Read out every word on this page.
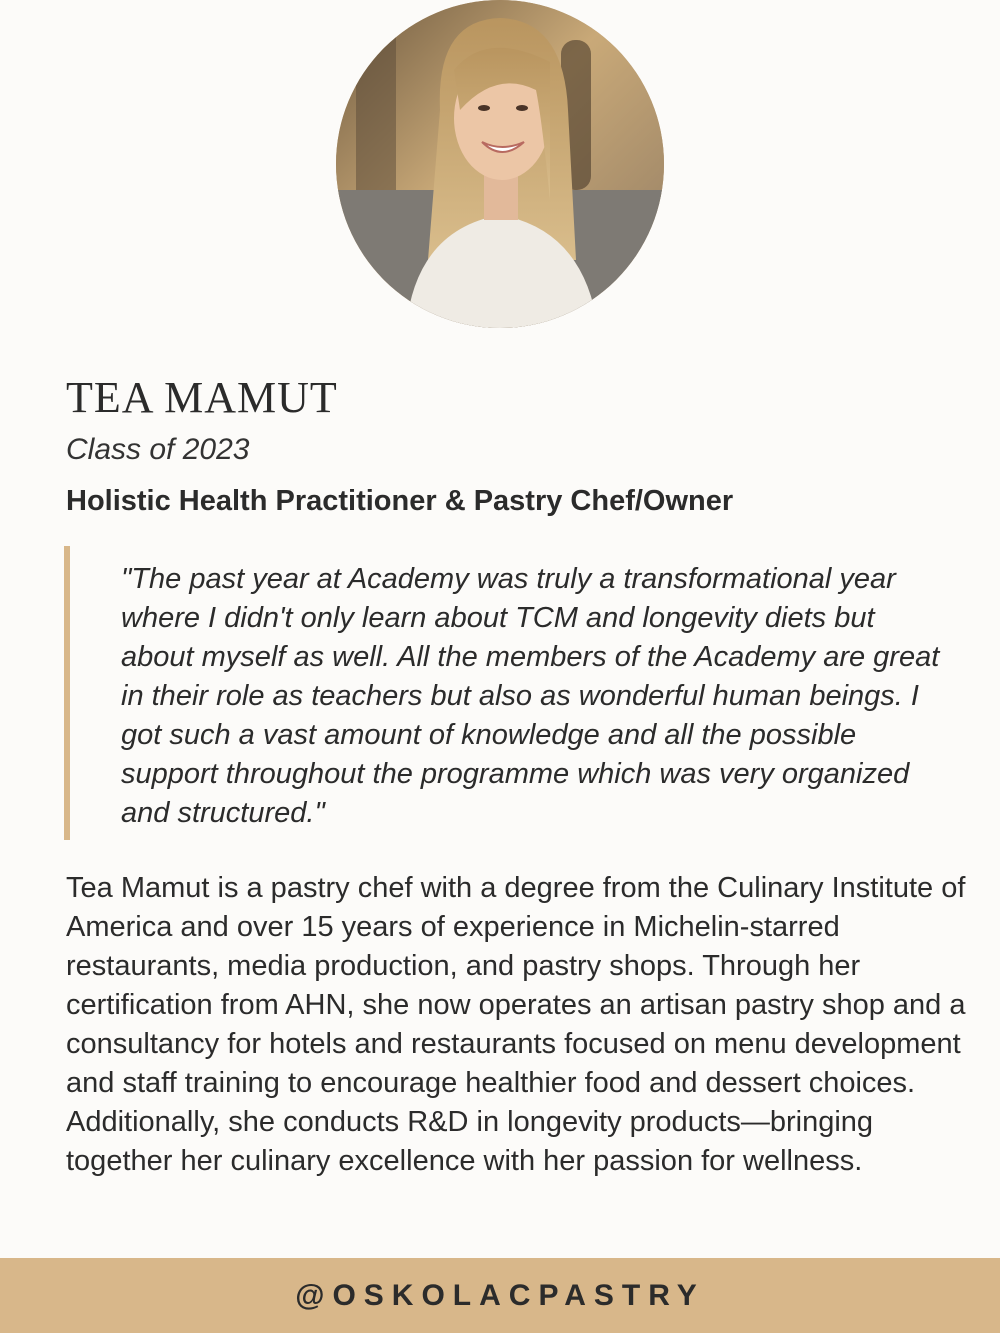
TEA MAMUT
Class of 2023
Holistic Health Practitioner & Pastry Chef/Owner

"The past year at Academy was truly a transformational year where I didn't only learn about TCM and longevity diets but about myself as well. All the members of the Academy are great in their role as teachers but also as wonderful human beings. I got such a vast amount of knowledge and all the possible support throughout the programme which was very organized and structured."

Tea Mamut is a pastry chef with a degree from the Culinary Institute of America and over 15 years of experience in Michelin-starred restaurants, media production, and pastry shops. Through her certification from AHN, she now operates an artisan pastry shop and a consultancy for hotels and restaurants focused on menu development and staff training to encourage healthier food and dessert choices. Additionally, she conducts R&D in longevity products—bringing together her culinary excellence with her passion for wellness.

@OSKOLACPASTRY
